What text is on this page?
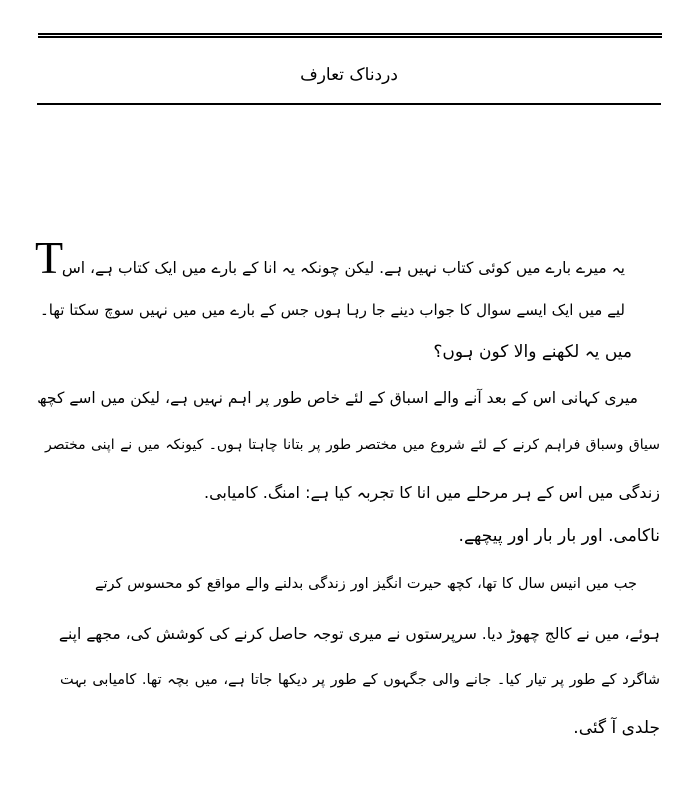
دردناک تعارف
T
یہ میرے بارے میں کوئی کتاب نہیں ہے. لیکن چونکہ یہ انا کے بارے میں ایک کتاب ہے، اس
لیے میں ایک ایسے سوال کا جواب دینے جا رہا ہوں جس کے بارے میں میں نہیں سوچ سکتا تھا۔
میں یہ لکھنے والا کون ہوں؟
میری کہانی اس کے بعد آنے والے اسباق کے لئے خاص طور پر اہم نہیں ہے، لیکن میں اسے کچھ
سیاق وسباق فراہم کرنے کے لئے شروع میں مختصر طور پر بتانا چاہتا ہوں۔ کیونکہ میں نے اپنی مختصر
زندگی میں اس کے ہر مرحلے میں انا کا تجربہ کیا ہے: امنگ. کامیابی.
ناکامی. اور بار بار اور پیچھے.
جب میں انیس سال کا تھا، کچھ حیرت انگیز اور زندگی بدلنے والے مواقع کو محسوس کرتے
ہوئے، میں نے کالج چھوڑ دیا. سرپرستوں نے میری توجہ حاصل کرنے کی کوشش کی، مجھے اپنے
شاگرد کے طور پر تیار کیا۔ جانے والی جگہوں کے طور پر دیکھا جاتا ہے، میں بچہ تھا. کامیابی بہت
جلدی آ گئی.
